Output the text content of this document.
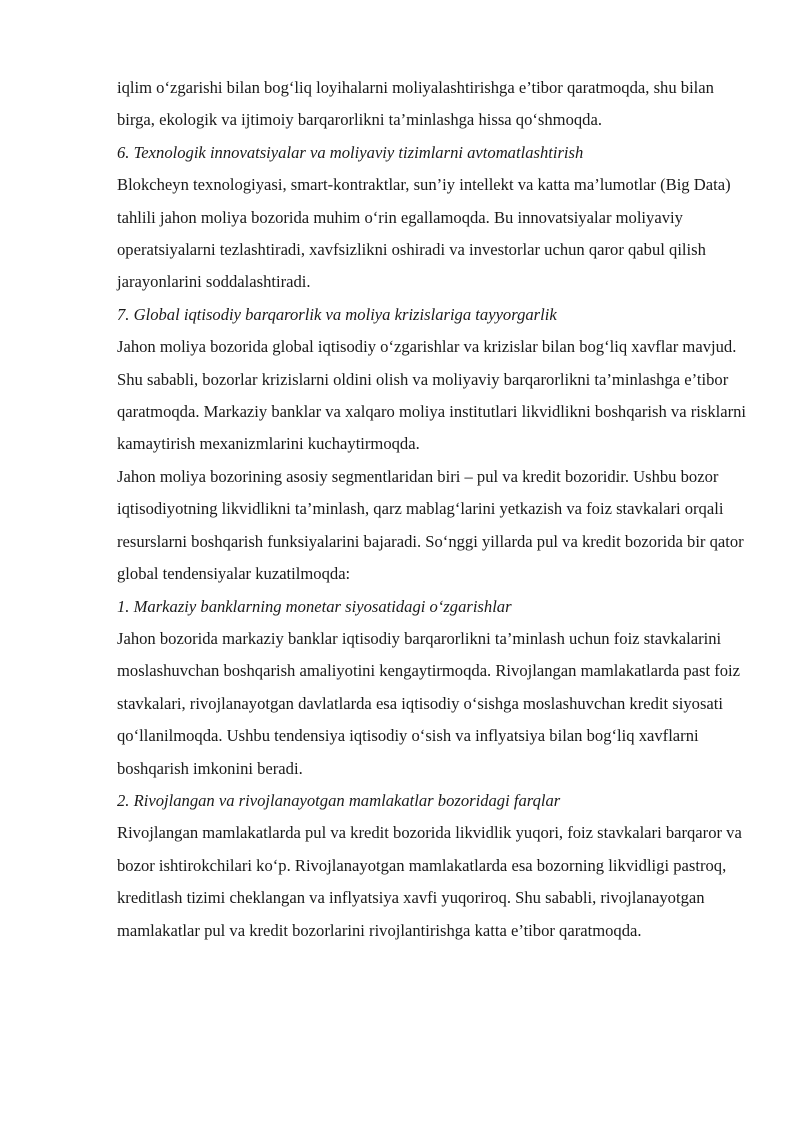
iqlim o‘zgarishi bilan bog‘liq loyihalarni moliyalashtirishga e’tibor qaratmoqda, shu bilan birga, ekologik va ijtimoiy barqarorlikni ta’minlashga hissa qo‘shmoqda.

6. Texnologik innovatsiyalar va moliyaviy tizimlarni avtomatlashtirish

Blokcheyn texnologiyasi, smart-kontraktlar, sun’iy intellekt va katta ma’lumotlar (Big Data) tahlili jahon moliya bozorida muhim o‘rin egallamoqda. Bu innovatsiyalar moliyaviy operatsiyalarni tezlashtiradi, xavfsizlikni oshiradi va investorlar uchun qaror qabul qilish jarayonlarini soddalashtiradi.

7. Global iqtisodiy barqarorlik va moliya krizislariga tayyorgarlik

Jahon moliya bozorida global iqtisodiy o‘zgarishlar va krizislar bilan bog‘liq xavflar mavjud. Shu sababli, bozorlar krizislarni oldini olish va moliyaviy barqarorlikni ta’minlashga e’tibor qaratmoqda. Markaziy banklar va xalqaro moliya institutlari likvidlikni boshqarish va risklarni kamaytirish mexanizmlarini kuchaytirmoqda.

Jahon moliya bozorining asosiy segmentlaridan biri – pul va kredit bozoridir. Ushbu bozor iqtisodiyotning likvidlikni ta’minlash, qarz mablag‘larini yetkazish va foiz stavkalari orqali resurslarni boshqarish funksiyalarini bajaradi. So‘nggi yillarda pul va kredit bozorida bir qator global tendensiyalar kuzatilmoqda:

1. Markaziy banklarning monetar siyosatidagi o‘zgarishlar

Jahon bozorida markaziy banklar iqtisodiy barqarorlikni ta’minlash uchun foiz stavkalarini moslashuvchan boshqarish amaliyotini kengaytirmoqda. Rivojlangan mamlakatlarda past foiz stavkalari, rivojlanayotgan davlatlarda esa iqtisodiy o‘sishga moslashuvchan kredit siyosati qo‘llanilmoqda. Ushbu tendensiya iqtisodiy o‘sish va inflyatsiya bilan bog‘liq xavflarni boshqarish imkonini beradi.

2. Rivojlangan va rivojlanayotgan mamlakatlar bozoridagi farqlar

Rivojlangan mamlakatlarda pul va kredit bozorida likvidlik yuqori, foiz stavkalari barqaror va bozor ishtirokchilari ko‘p. Rivojlanayotgan mamlakatlarda esa bozorning likvidligi pastroq, kreditlash tizimi cheklangan va inflyatsiya xavfi yuqoriroq. Shu sababli, rivojlanayotgan mamlakatlar pul va kredit bozorlarini rivojlantirishga katta e’tibor qaratmoqda.
